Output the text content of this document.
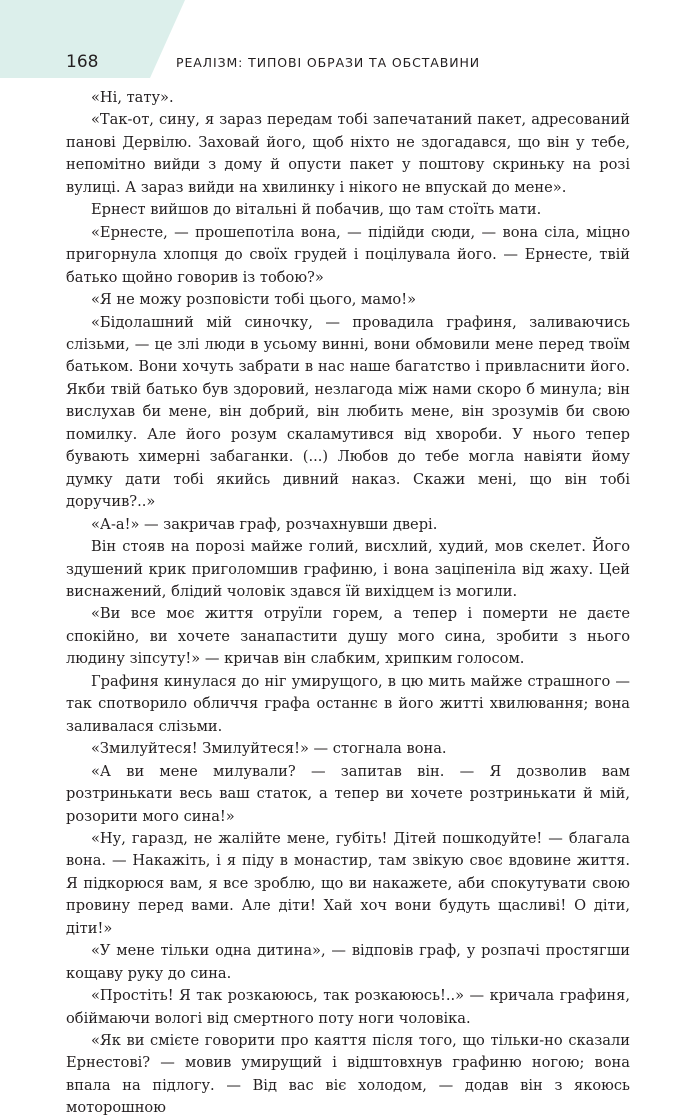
168	РЕАЛІЗМ: ТИПОВІ ОБРАЗИ ТА ОБСТАВИНИ

«Ні, тату».

«Так-от, сину, я зараз передам тобі запечатаний пакет, адресований панові Дервілю. Заховай його, щоб ніхто не здогадався, що він у тебе, непомітно вийди з дому й опусти пакет у поштову скриньку на розі вулиці. А зараз вийди на хвилинку і нікого не впускай до мене».

Ернест вийшов до вітальні й побачив, що там стоїть мати.

«Ернесте, — прошепотіла вона, — підійди сюди, — вона сіла, міцно пригорнула хлопця до своїх грудей і поцілувала його. — Ернесте, твій батько щойно говорив із тобою?»

«Я не можу розповісти тобі цього, мамо!»

«Бідолашний мій синочку, — провадила графиня, заливаючись слізьми, — це злі люди в усьому винні, вони обмовили мене перед твоїм батьком. Вони хочуть забрати в нас наше багатство і привласнити його. Якби твій батько був здоровий, незлагода між нами скоро б минула; він вислухав би мене, він добрий, він любить мене, він зрозумів би свою помилку. Але його розум скаламутився від хвороби. У нього тепер бувають химерні забаганки. (...) Любов до тебе могла навіяти йому думку дати тобі якийсь дивний наказ. Скажи мені, що він тобі доручив?..»

«А-а!» — закричав граф, розчахнувши двері.

Він стояв на порозі майже голий, висхлий, худий, мов скелет. Його здушений крик приголомшив графиню, і вона заціпеніла від жаху. Цей виснажений, блідий чоловік здався їй вихідцем із могили.

«Ви все моє життя отруїли горем, а тепер і померти не даєте спокійно, ви хочете занапастити душу мого сина, зробити з нього людину зіпсуту!» — кричав він слабким, хрипким голосом.

Графиня кинулася до ніг умирущого, в цю мить майже страшного — так спотворило обличчя графа останнє в його житті хвилювання; вона заливалася слізьми.

«Змилуйтеся! Змилуйтеся!» — стогнала вона.

«А ви мене милували? — запитав він. — Я дозволив вам розтринькати весь ваш статок, а тепер ви хочете розтринькати й мій, розорити мого сина!»

«Ну, гаразд, не жалійте мене, губіть! Дітей пошкодуйте! — благала вона. — Накажіть, і я піду в монастир, там звікую своє вдовине життя. Я підкорюся вам, я все зроблю, що ви накажете, аби спокутувати свою провину перед вами. Але діти! Хай хоч вони будуть щасливі! О діти, діти!»

«У мене тільки одна дитина», — відповів граф, у розпачі простягши кощаву руку до сина.

«Простіть! Я так розкаююсь, так розкаююсь!..» — кричала графиня, обіймаючи вологі від смертного поту ноги чоловіка.

«Як ви смієте говорити про каяття після того, що тільки-но сказали Ернестові? — мовив умирущий і відштовхнув графиню ногою; вона впала на підлогу. — Від вас віє холодом, — додав він з якоюсь моторошною
